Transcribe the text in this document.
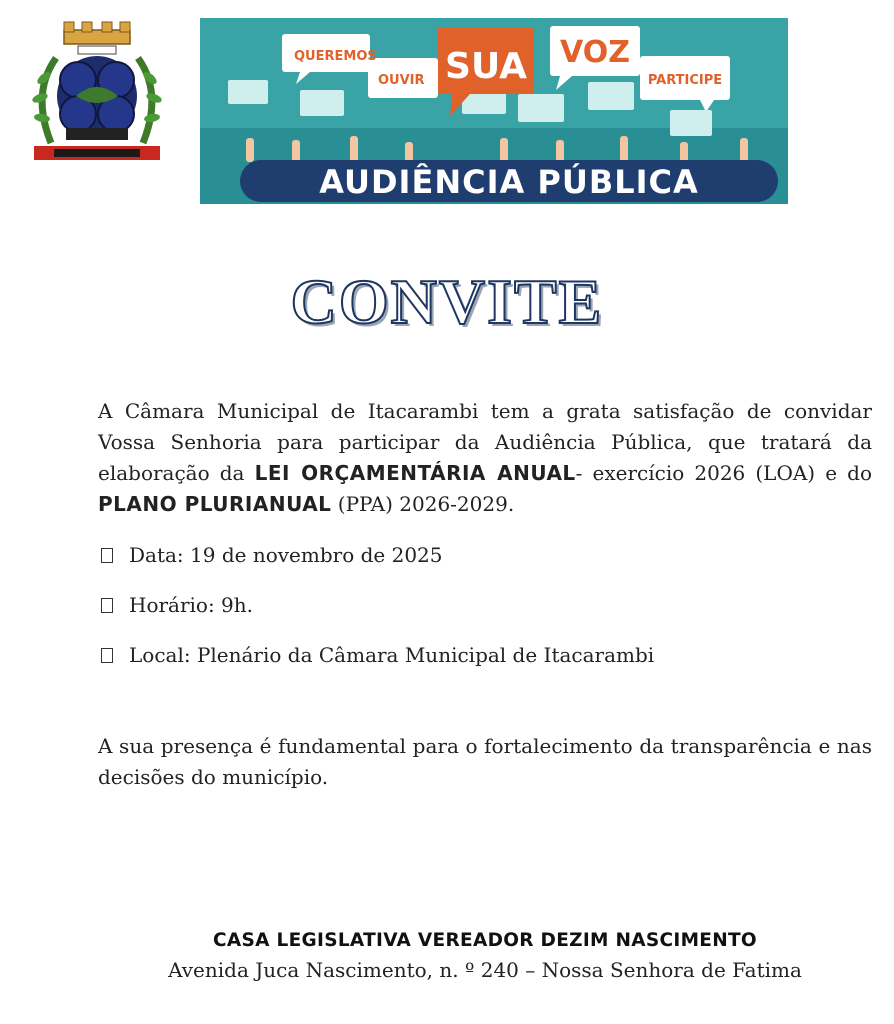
QUEREMOS
OUVIR SUA VOZ
PARTICIPE
AUDIÊNCIA PÚBLICA
CONVITE

A Câmara Municipal de Itacarambi tem a grata satisfação de convidar Vossa Senhoria para participar da Audiência Pública, que tratará da elaboração da LEI ORÇAMENTÁRIA ANUAL- exercício 2026 (LOA) e do PLANO PLURIANUAL (PPA) 2026-2029.

Data: 19 de novembro de 2025
Horário: 9h.
Local: Plenário da Câmara Municipal de Itacarambi

A sua presença é fundamental para o fortalecimento da transparência e nas decisões do município.

CASA LEGISLATIVA VEREADOR DEZIM NASCIMENTO
Avenida Juca Nascimento, n. º 240 – Nossa Senhora de Fatima
